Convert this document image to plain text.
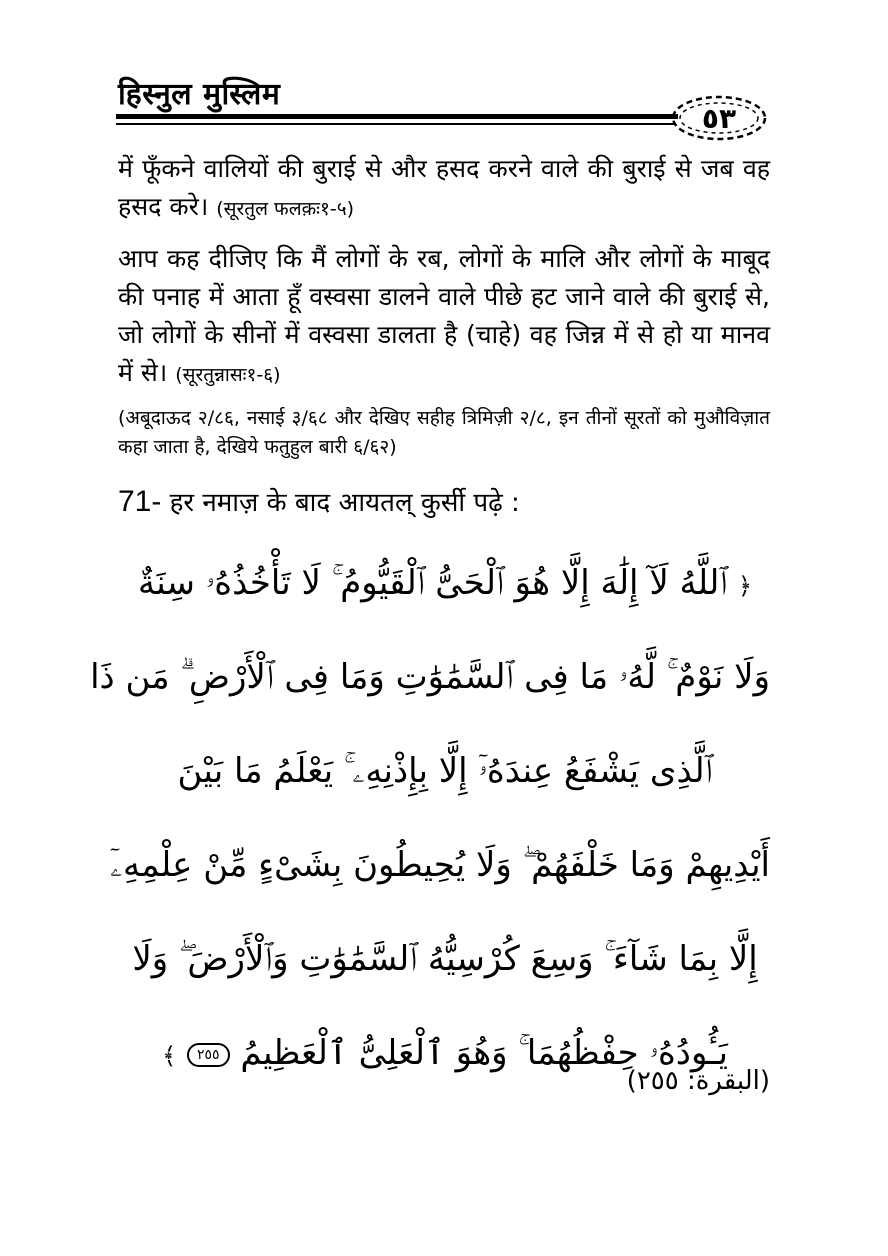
हिस्नुल मुस्लिम
٥٣
में फूँकने वालियों की बुराई से और हसद करने वाले की बुराई से जब वह हसद करे। (सूरतुल फलक़ः१-५)
आप कह दीजिए कि मैं लोगों के रब, लोगों के मालि और लोगों के माबूद की पनाह में आता हूँ वस्वसा डालने वाले पीछे हट जाने वाले की बुराई से, जो लोगों के सीनों में वस्वसा डालता है (चाहे) वह जिन्न में से हो या मानव में से। (सूरतुन्नासः१-६)
(अबूदाऊद २/८६, नसाई ३/६८ और देखिए सहीह त्रिमिज़ी २/८, इन तीनों सूरतों को मुऔविज़ात कहा जाता है, देखिये फतुहुल बारी ६/६२)
71- हर नमाज़ के बाद आयतल् कुर्सी पढ़े :
﴿ ٱللَّهُ لَآ إِلَٰهَ إِلَّا هُوَ ٱلْحَىُّ ٱلْقَيُّومُ ۚ لَا تَأْخُذُهُۥ سِنَةٌ
وَلَا نَوْمٌ ۚ لَّهُۥ مَا فِى ٱلسَّمَٰوَٰتِ وَمَا فِى ٱلْأَرْضِ ۗ مَن ذَا
ٱلَّذِى يَشْفَعُ عِندَهُۥٓ إِلَّا بِإِذْنِهِۦ ۚ يَعْلَمُ مَا بَيْنَ
أَيْدِيهِمْ وَمَا خَلْفَهُمْ ۖ وَلَا يُحِيطُونَ بِشَىْءٍ مِّنْ عِلْمِهِۦٓ
إِلَّا بِمَا شَآءَ ۚ وَسِعَ كُرْسِيُّهُ ٱلسَّمَٰوَٰتِ وَٱلْأَرْضَ ۖ وَلَا
يَـُٔودُهُۥ حِفْظُهُمَا ۚ وَهُوَ ٱلْعَلِىُّ ٱلْعَظِيمُ ٢٥٥ ﴾
(البقرة: ٢٥٥)
